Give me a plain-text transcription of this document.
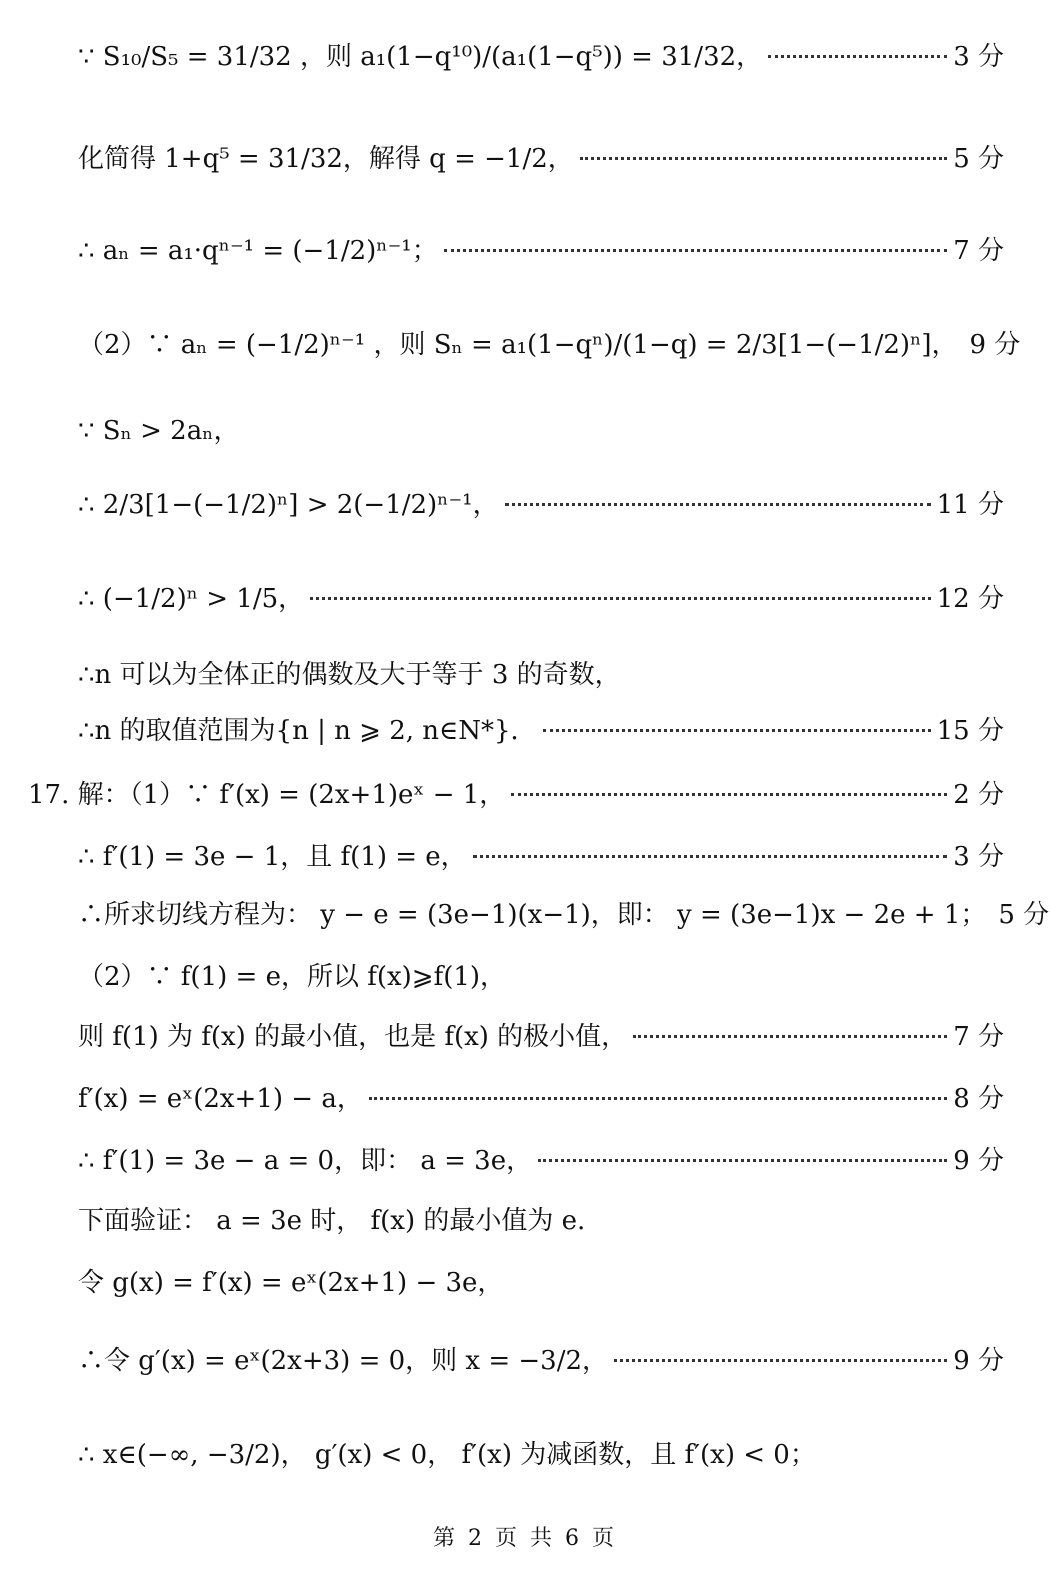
∵ S₁₀/S₅ = 31/32 ，则 a₁(1−q¹⁰)/(a₁(1−q⁵)) = 31/32，	3 分
化简得 1+q⁵ = 31/32，解得 q = −1/2，	5 分
∴ aₙ = a₁·qⁿ⁻¹ = (−1/2)ⁿ⁻¹；	7 分
（2）∵ aₙ = (−1/2)ⁿ⁻¹ ，则 Sₙ = a₁(1−qⁿ)/(1−q) = 2/3[1−(−1/2)ⁿ]， 9 分
∵ Sₙ > 2aₙ，
∴ 2/3[1−(−1/2)ⁿ] > 2(−1/2)ⁿ⁻¹，	11 分
∴ (−1/2)ⁿ > 1/5，	12 分
∴n 可以为全体正的偶数及大于等于 3 的奇数，
∴n 的取值范围为{n | n ⩾ 2, n∈N*}．	15 分
17. 解：（1）∵ f′(x) = (2x+1)eˣ − 1，	2 分
∴ f′(1) = 3e − 1，且 f(1) = e，	3 分
∴所求切线方程为： y − e = (3e−1)(x−1)，即： y = (3e−1)x − 2e + 1； 5 分
（2）∵ f(1) = e，所以 f(x)⩾f(1)，
则 f(1) 为 f(x) 的最小值，也是 f(x) 的极小值，	7 分
f′(x) = eˣ(2x+1) − a，	8 分
∴ f′(1) = 3e − a = 0，即： a = 3e，	9 分
下面验证： a = 3e 时， f(x) 的最小值为 e.
令 g(x) = f′(x) = eˣ(2x+1) − 3e，
∴令 g′(x) = eˣ(2x+3) = 0，则 x = −3/2，	9 分
∴ x∈(−∞, −3/2)， g′(x) < 0， f′(x) 为减函数，且 f′(x) < 0；
第 2 页 共 6 页
